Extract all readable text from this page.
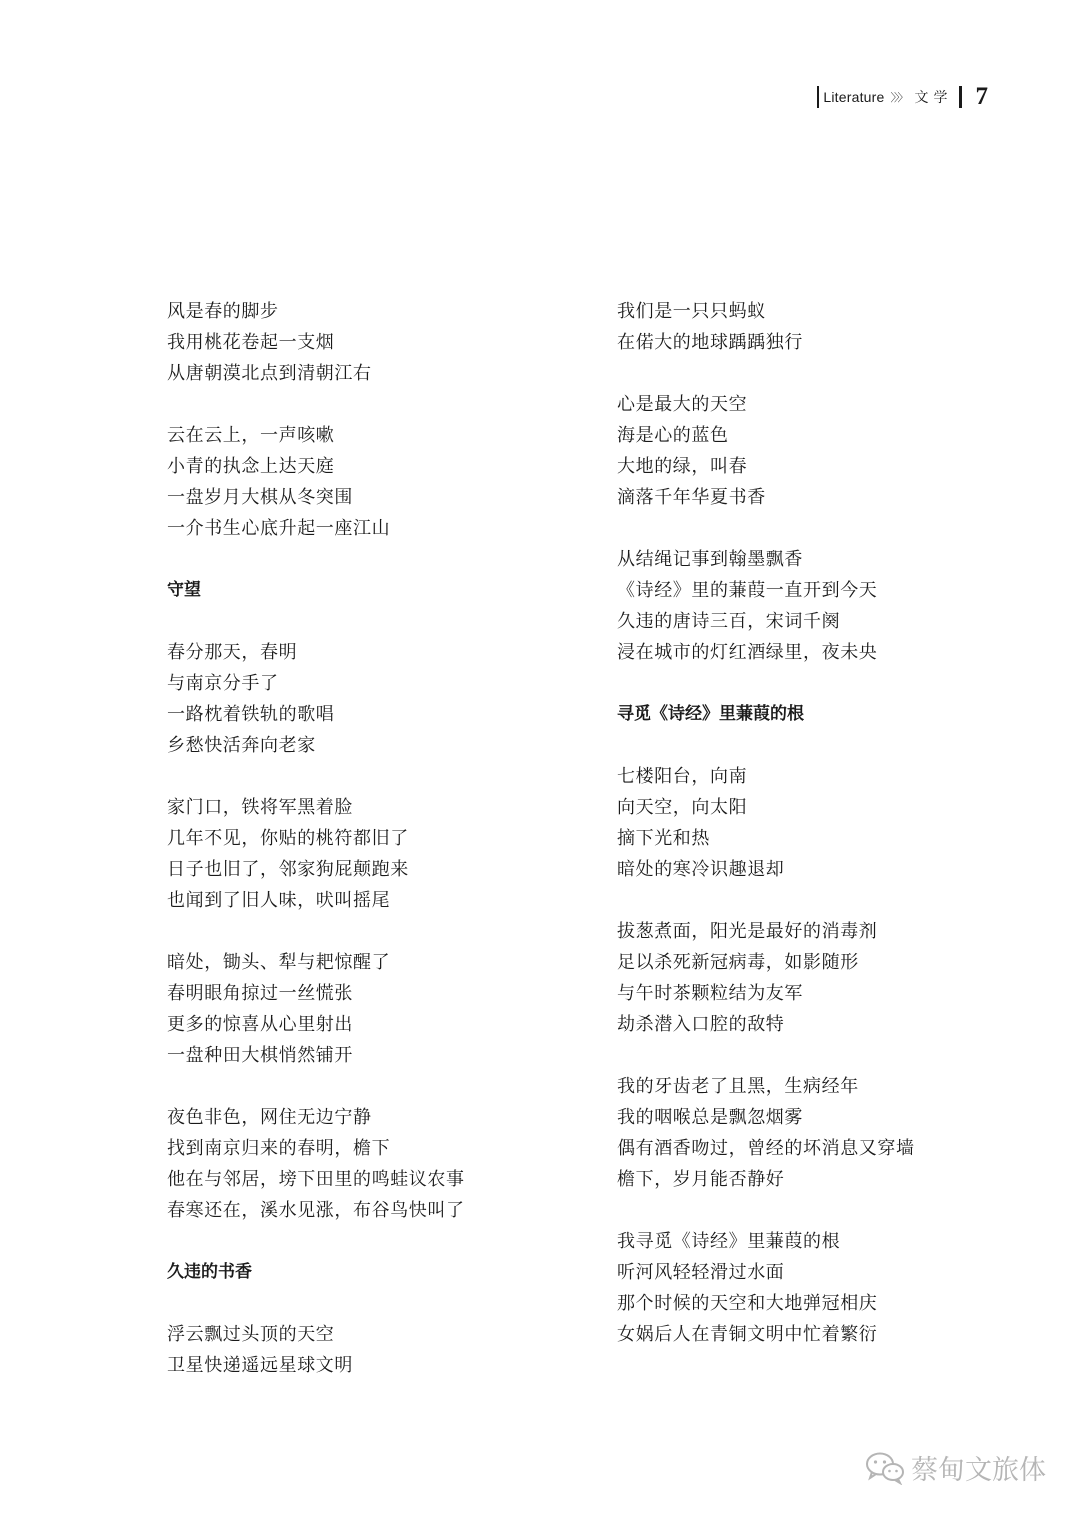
Literature 〉〉〉 文学 7
风是春的脚步
我用桃花卷起一支烟
从唐朝漠北点到清朝江右
云在云上，一声咳嗽
小青的执念上达天庭
一盘岁月大棋从冬突围
一介书生心底升起一座江山
守望
春分那天，春明
与南京分手了
一路枕着铁轨的歌唱
乡愁快活奔向老家
家门口，铁将军黑着脸
几年不见，你贴的桃符都旧了
日子也旧了，邻家狗屁颠跑来
也闻到了旧人味，吠叫摇尾
暗处，锄头、犁与耙惊醒了
春明眼角掠过一丝慌张
更多的惊喜从心里射出
一盘种田大棋悄然铺开
夜色非色，网住无边宁静
找到南京归来的春明，檐下
他在与邻居，塝下田里的鸣蛙议农事
春寒还在，溪水见涨，布谷鸟快叫了
久违的书香
浮云飘过头顶的天空
卫星快递遥远星球文明
我们是一只只蚂蚁
在偌大的地球踽踽独行
心是最大的天空
海是心的蓝色
大地的绿，叫春
滴落千年华夏书香
从结绳记事到翰墨飘香
《诗经》里的蒹葭一直开到今天
久违的唐诗三百，宋词千阕
浸在城市的灯红酒绿里，夜未央
寻觅《诗经》里蒹葭的根
七楼阳台，向南
向天空，向太阳
摘下光和热
暗处的寒冷识趣退却
拔葱煮面，阳光是最好的消毒剂
足以杀死新冠病毒，如影随形
与午时茶颗粒结为友军
劫杀潜入口腔的敌特
我的牙齿老了且黑，生病经年
我的咽喉总是飘忽烟雾
偶有酒香吻过，曾经的坏消息又穿墙
檐下，岁月能否静好
我寻觅《诗经》里蒹葭的根
听河风轻轻滑过水面
那个时候的天空和大地弹冠相庆
女娲后人在青铜文明中忙着繁衍
蔡甸文旅体
